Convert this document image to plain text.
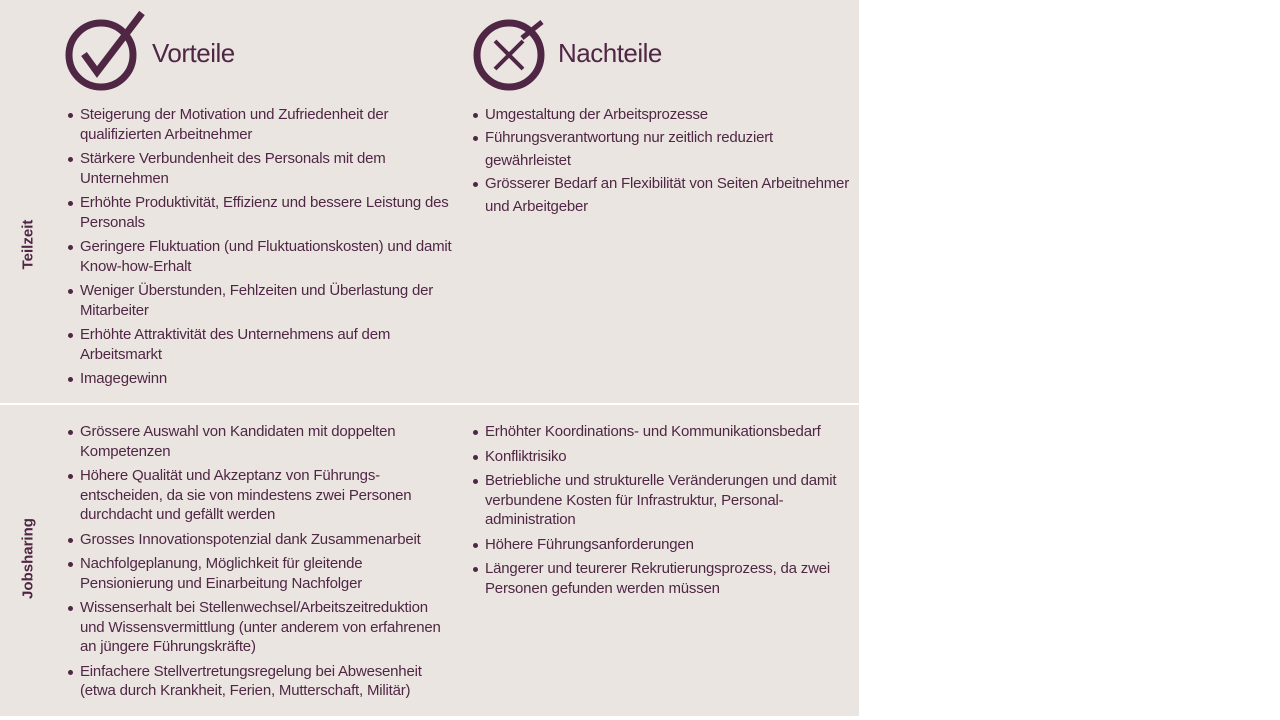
Vorteile	Nachteile
Teilzeit
Jobsharing
Steigerung der Motivation und Zufriedenheit der qualifizierten Arbeitnehmer
Stärkere Verbundenheit des Personals mit dem Unternehmen
Erhöhte Produktivität, Effizienz und bessere Leistung des Personals
Geringere Fluktuation (und Fluktuationskosten) und damit Know-how-Erhalt
Weniger Überstunden, Fehlzeiten und Überlastung der Mitarbeiter
Erhöhte Attraktivität des Unternehmens auf dem Arbeitsmarkt
Imagegewinn
Umgestaltung der Arbeitsprozesse
Führungsverantwortung nur zeitlich reduziert gewährleistet
Grösserer Bedarf an Flexibilität von Seiten Arbeitnehmer und Arbeitgeber
Grössere Auswahl von Kandidaten mit doppelten Kompetenzen
Höhere Qualität und Akzeptanz von Führungs-entscheiden, da sie von mindestens zwei Personen durchdacht und gefällt werden
Grosses Innovationspotenzial dank Zusammenarbeit
Nachfolgeplanung, Möglichkeit für gleitende Pensionierung und Einarbeitung Nachfolger
Wissenserhalt bei Stellenwechsel/Arbeitszeitreduktion und Wissensvermittlung (unter anderem von erfahrenen an jüngere Führungskräfte)
Einfachere Stellvertretungsregelung bei Abwesenheit (etwa durch Krankheit, Ferien, Mutterschaft, Militär)
Erhöhter Koordinations- und Kommunikationsbedarf
Konfliktrisiko
Betriebliche und strukturelle Veränderungen und damit verbundene Kosten für Infrastruktur, Personal-administration
Höhere Führungsanforderungen
Längerer und teurerer Rekrutierungsprozess, da zwei Personen gefunden werden müssen
